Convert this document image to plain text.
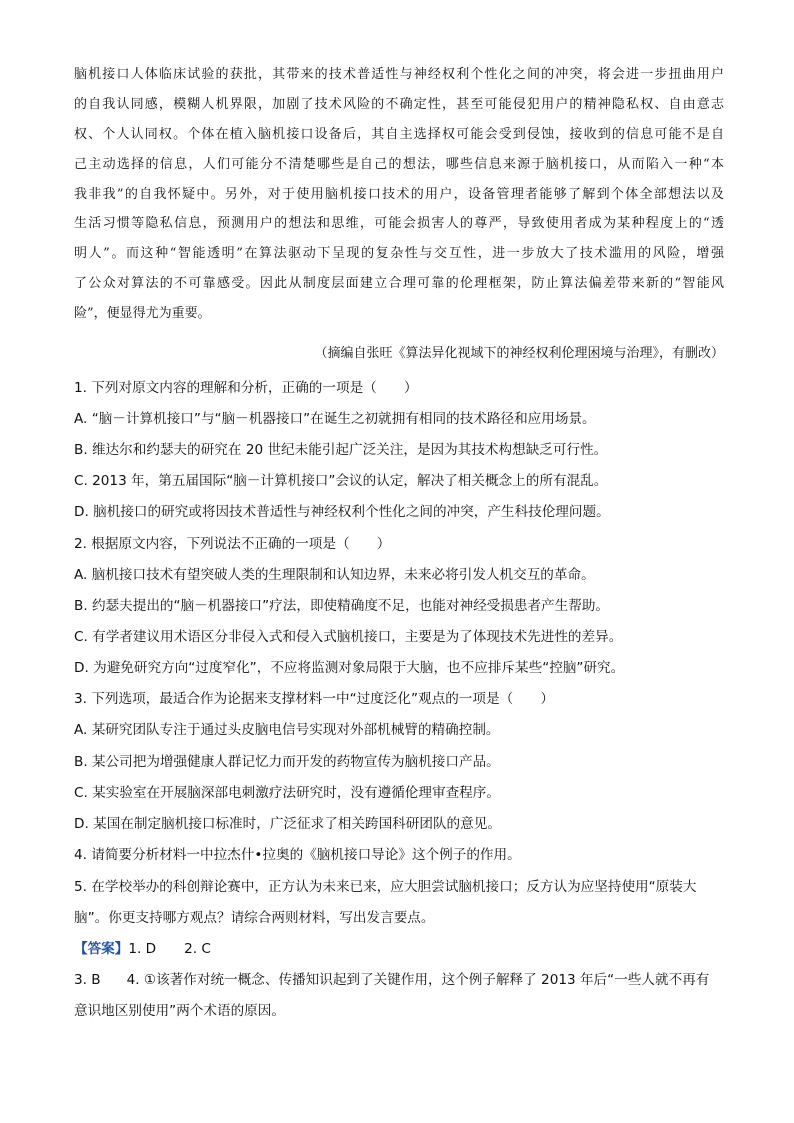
脑机接口人体临床试验的获批，其带来的技术普适性与神经权利个性化之间的冲突，将会进一步扭曲用户
的自我认同感，模糊人机界限，加剧了技术风险的不确定性，甚至可能侵犯用户的精神隐私权、自由意志
权、个人认同权。个体在植入脑机接口设备后，其自主选择权可能会受到侵蚀，接收到的信息可能不是自
己主动选择的信息，人们可能分不清楚哪些是自己的想法，哪些信息来源于脑机接口，从而陷入一种“本
我非我”的自我怀疑中。另外，对于使用脑机接口技术的用户，设备管理者能够了解到个体全部想法以及
生活习惯等隐私信息，预测用户的想法和思维，可能会损害人的尊严，导致使用者成为某种程度上的“透
明人”。而这种“智能透明”在算法驱动下呈现的复杂性与交互性，进一步放大了技术滥用的风险，增强
了公众对算法的不可靠感受。因此从制度层面建立合理可靠的伦理框架，防止算法偏差带来新的“智能风
险”，便显得尤为重要。
（摘编自张旺《算法异化视域下的神经权利伦理困境与治理》，有删改）
1. 下列对原文内容的理解和分析，正确的一项是（　　）
A. “脑－计算机接口”与“脑－机器接口”在诞生之初就拥有相同的技术路径和应用场景。
B. 维达尔和约瑟夫的研究在 20 世纪未能引起广泛关注，是因为其技术构想缺乏可行性。
C. 2013 年，第五届国际“脑－计算机接口”会议的认定，解决了相关概念上的所有混乱。
D. 脑机接口的研究或将因技术普适性与神经权利个性化之间的冲突，产生科技伦理问题。
2. 根据原文内容，下列说法不正确的一项是（　　）
A. 脑机接口技术有望突破人类的生理限制和认知边界，未来必将引发人机交互的革命。
B. 约瑟夫提出的“脑－机器接口”疗法，即使精确度不足，也能对神经受损患者产生帮助。
C. 有学者建议用术语区分非侵入式和侵入式脑机接口，主要是为了体现技术先进性的差异。
D. 为避免研究方向“过度窄化”，不应将监测对象局限于大脑，也不应排斥某些“控脑”研究。
3. 下列选项，最适合作为论据来支撑材料一中“过度泛化”观点的一项是（　　）
A. 某研究团队专注于通过头皮脑电信号实现对外部机械臂的精确控制。
B. 某公司把为增强健康人群记忆力而开发的药物宣传为脑机接口产品。
C. 某实验室在开展脑深部电刺激疗法研究时，没有遵循伦理审查程序。
D. 某国在制定脑机接口标准时，广泛征求了相关跨国科研团队的意见。
4. 请简要分析材料一中拉杰什•拉奥的《脑机接口导论》这个例子的作用。
5. 在学校举办的科创辩论赛中，正方认为未来已来，应大胆尝试脑机接口；反方认为应坚持使用“原装大
脑”。你更支持哪方观点？请综合两则材料，写出发言要点。
【答案】1. D 2. C
3. B 4. ①该著作对统一概念、传播知识起到了关键作用，这个例子解释了 2013 年后“一些人就不再有
意识地区别使用”两个术语的原因。
